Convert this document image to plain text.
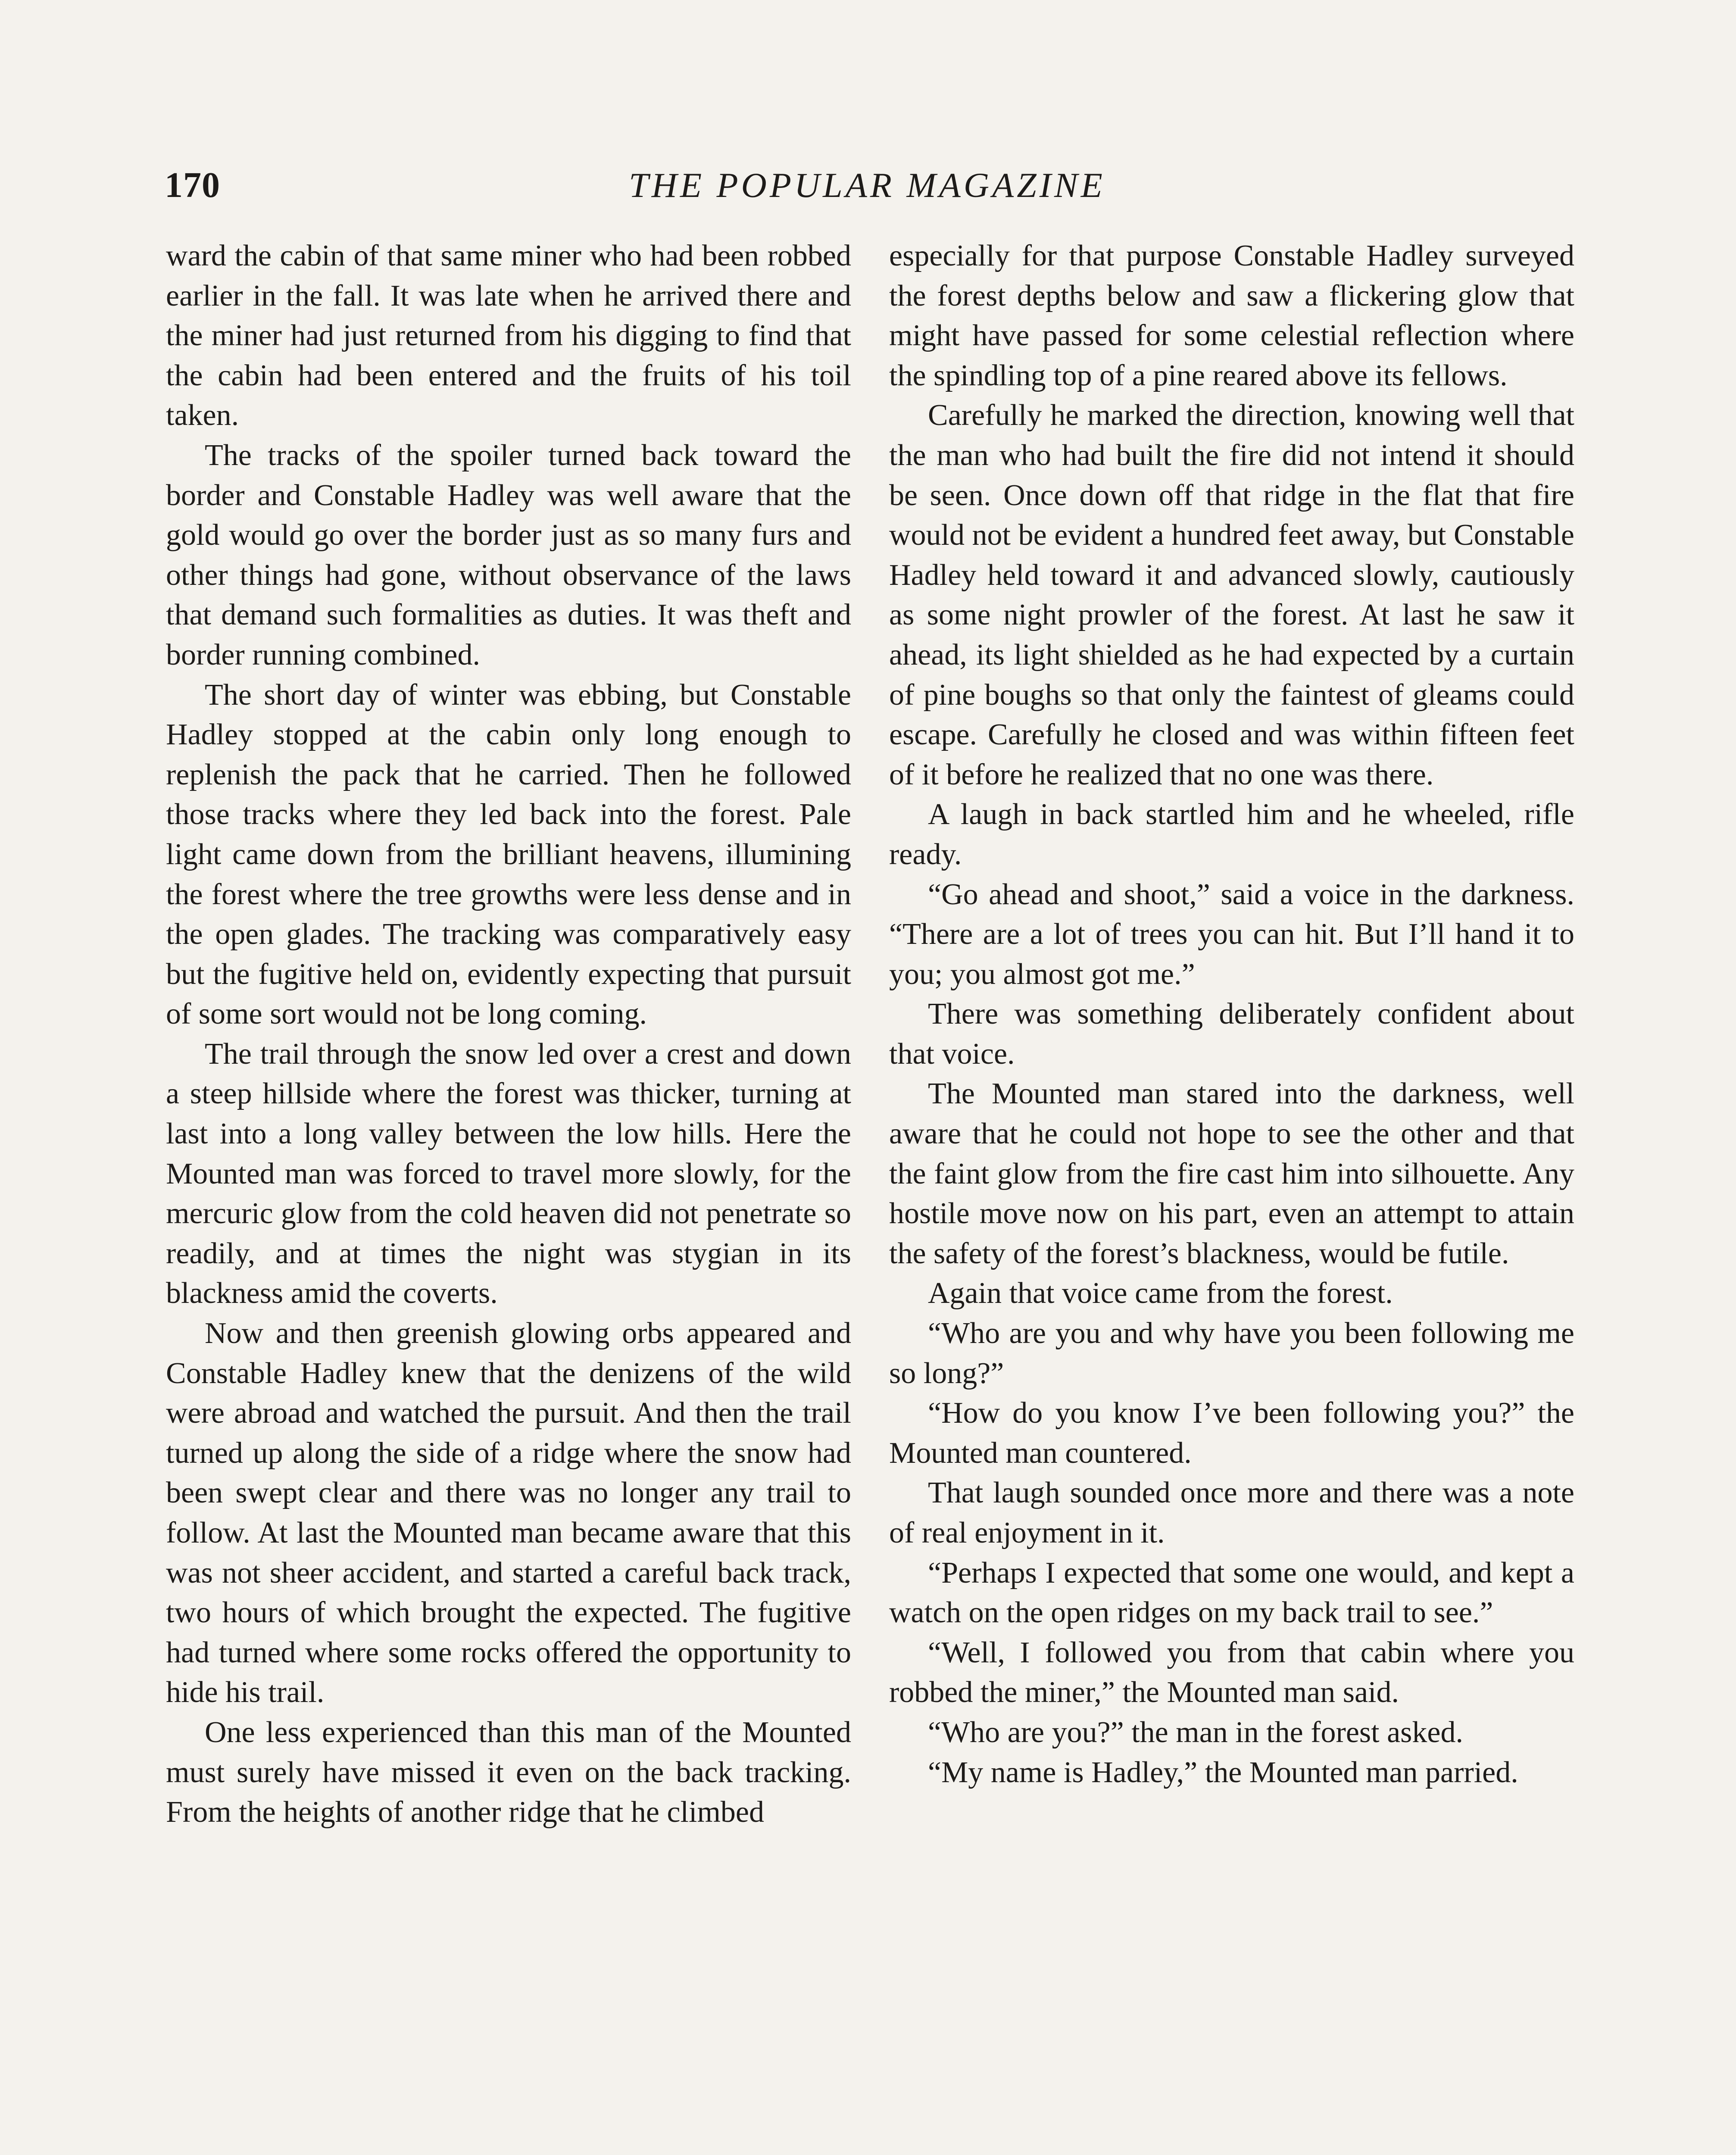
170	THE POPULAR MAGAZINE

ward the cabin of that same miner who had been robbed earlier in the fall. It was late when he arrived there and the miner had just returned from his digging to find that the cabin had been entered and the fruits of his toil taken.

The tracks of the spoiler turned back toward the border and Constable Hadley was well aware that the gold would go over the border just as so many furs and other things had gone, without observance of the laws that demand such formalities as duties. It was theft and border running combined.

The short day of winter was ebbing, but Constable Hadley stopped at the cabin only long enough to replenish the pack that he carried. Then he followed those tracks where they led back into the forest. Pale light came down from the brilliant heavens, illumining the forest where the tree growths were less dense and in the open glades. The tracking was comparatively easy but the fugitive held on, evidently expecting that pursuit of some sort would not be long coming.

The trail through the snow led over a crest and down a steep hillside where the forest was thicker, turning at last into a long valley between the low hills. Here the Mounted man was forced to travel more slowly, for the mercuric glow from the cold heaven did not penetrate so readily, and at times the night was stygian in its blackness amid the coverts.

Now and then greenish glowing orbs appeared and Constable Hadley knew that the denizens of the wild were abroad and watched the pursuit. And then the trail turned up along the side of a ridge where the snow had been swept clear and there was no longer any trail to follow. At last the Mounted man became aware that this was not sheer accident, and started a careful back track, two hours of which brought the expected. The fugitive had turned where some rocks offered the opportunity to hide his trail.

One less experienced than this man of the Mounted must surely have missed it even on the back tracking. From the heights of another ridge that he climbed

especially for that purpose Constable Hadley surveyed the forest depths below and saw a flickering glow that might have passed for some celestial reflection where the spindling top of a pine reared above its fellows.

Carefully he marked the direction, knowing well that the man who had built the fire did not intend it should be seen. Once down off that ridge in the flat that fire would not be evident a hundred feet away, but Constable Hadley held toward it and advanced slowly, cautiously as some night prowler of the forest. At last he saw it ahead, its light shielded as he had expected by a curtain of pine boughs so that only the faintest of gleams could escape. Carefully he closed and was within fifteen feet of it before he realized that no one was there.

A laugh in back startled him and he wheeled, rifle ready.

“Go ahead and shoot,” said a voice in the darkness. “There are a lot of trees you can hit. But I’ll hand it to you; you almost got me.”

There was something deliberately confident about that voice.

The Mounted man stared into the darkness, well aware that he could not hope to see the other and that the faint glow from the fire cast him into silhouette. Any hostile move now on his part, even an attempt to attain the safety of the forest’s blackness, would be futile.

Again that voice came from the forest.

“Who are you and why have you been following me so long?”

“How do you know I’ve been following you?” the Mounted man countered.

That laugh sounded once more and there was a note of real enjoyment in it.

“Perhaps I expected that some one would, and kept a watch on the open ridges on my back trail to see.”

“Well, I followed you from that cabin where you robbed the miner,” the Mounted man said.

“Who are you?” the man in the forest asked.

“My name is Hadley,” the Mounted man parried.
